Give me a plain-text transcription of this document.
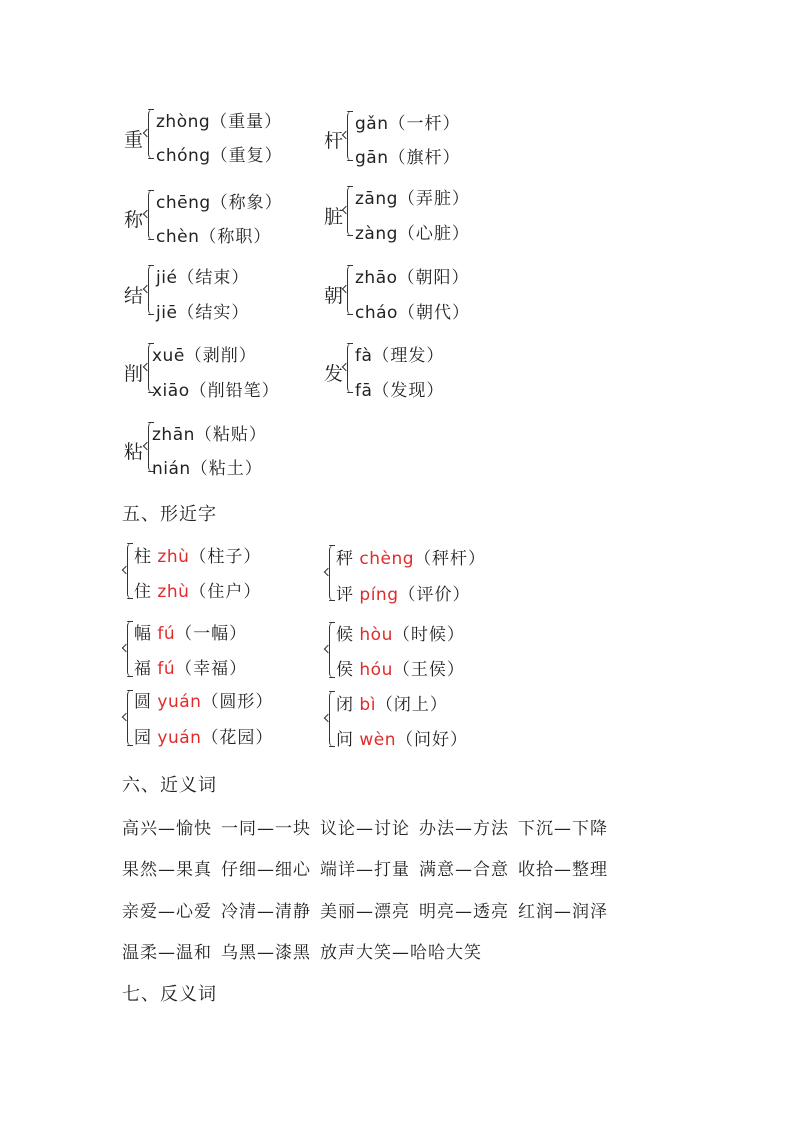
重
zhòng（重量）
chóng（重复）
杆
gǎn（一杆）
gān（旗杆）
称
chēng（称象）
chèn（称职）
脏
zāng（弄脏）
zàng（心脏）
结
jié（结束）
jiē（结实）
朝
zhāo（朝阳）
cháo（朝代）
削
xuē（剥削）
xiāo（削铅笔）
发
fà（理发）
fā（发现）
粘
zhān（粘贴）
nián（粘土）
五、形近字
柱 zhù（柱子）
住 zhù（住户）
秤 chèng（秤杆）
评 píng（评价）
幅 fú（一幅）
福 fú（幸福）
候 hòu（时候）
侯 hóu（王侯）
圆 yuán（圆形）
园 yuán（花园）
闭 bì（闭上）
问 wèn（问好）
六、近义词
高兴—愉快 一同—一块 议论—讨论 办法—方法 下沉—下降
果然—果真 仔细—细心 端详—打量 满意—合意 收拾—整理
亲爱—心爱 冷清—清静 美丽—漂亮 明亮—透亮 红润—润泽
温柔—温和 乌黑—漆黑 放声大笑—哈哈大笑
七、反义词
